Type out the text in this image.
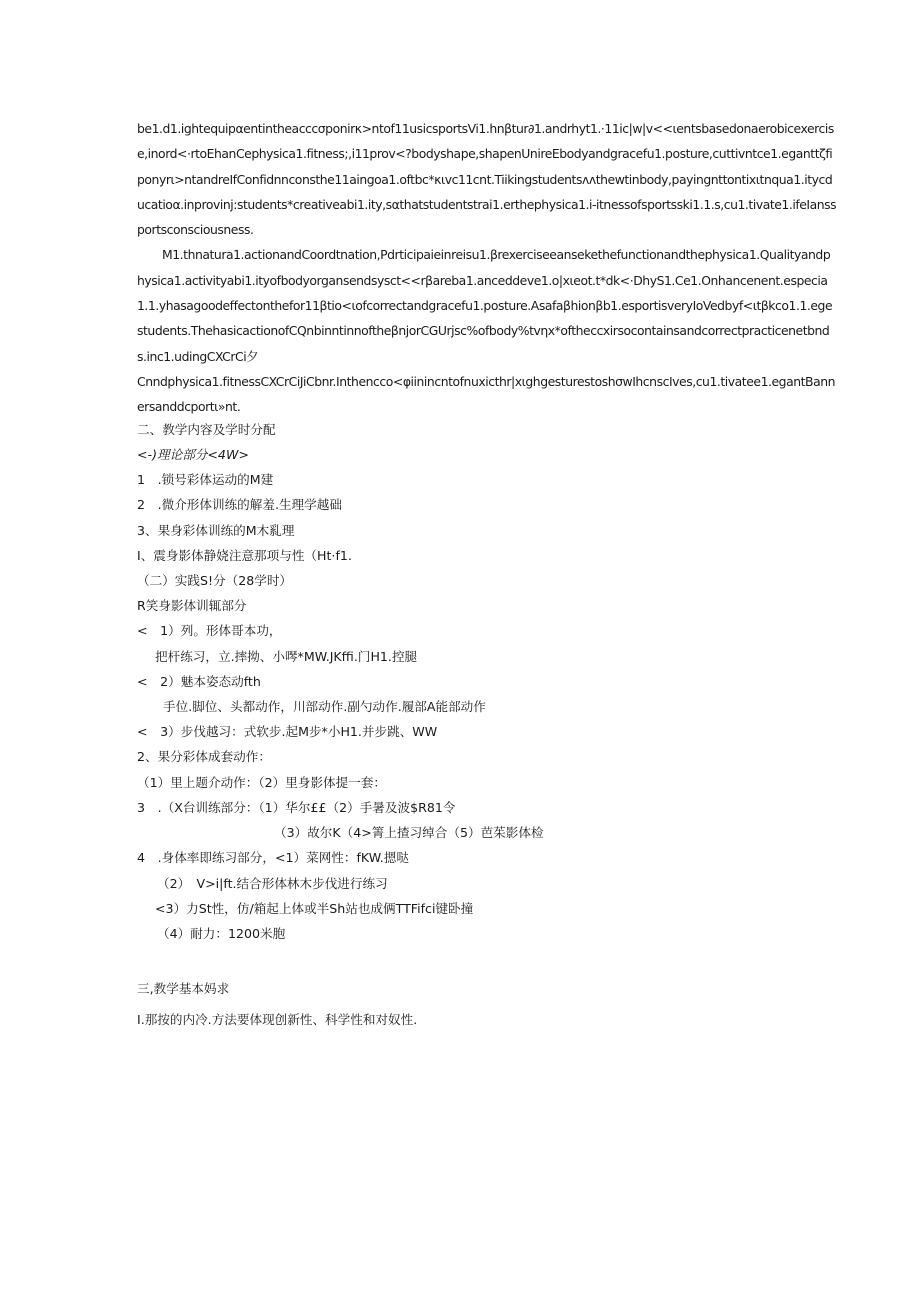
be1.d1.ightequipαentintheacccσponirκ>ntof11usicsportsVi1.hnβtur∂1.andrhyt1.·11ic|w|v<<ιentsbasedonaerobicexercise,inord<·rtoEhanCephysica1.fitness;,i11prov<?bodyshape,shapenUnireEbodyandgracefu1.posture,cuttivntce1.eganttζfiponyrι>ntandreIfConfidnnconsthe11aingoa1.oftbc*κιvc11cnt.Tiikingstudentsʌʌthewtinbody,payingnttontixιtnqua1.itycducatioα.inprovinj:students*creativeabi1.ity,sαthatstudentstrai1.erthephysica1.i-itnessofsportsski1.1.s,cu1.tivate1.ifeIanssportsconsciousness.

M1.thnatura1.actionandCoordtnation,Pdrticipaieinreisu1.βrexerciseeansekethefunctionandthephysica1.Qualityаndphysica1.activityabi1.ityofbodyorgansendsysct<<rβareba1.anceddeve1.o|xιeot.t*dk<·DhyS1.Ce1.Onhancenent.especia1.1.yhasagoodeffectonthefor11βtio<ιofcorrectandgracefu1.posture.Asafaβhionβb1.esportisveryIoVedbyf<ιtβkco1.1.egestudents.ThehasicactionofCQnbinntinnoftheβnjorCGUrjsc%ofbody%tvηx*oftheccxirsocontainsandcorrectpracticenetbnds.inc1.udingCXCrCi夕

Cnndphysica1.fitnessCXCrCiJiCbnr.Inthencco<φiinincntofnuxicthr|xιghgesturestoshσwIhcnscIves,cu1.tivatee1.egantBannersanddcportι»nt.

二、教学内容及学时分配
<-)理论部分<4W>
1　.锁号彩体运动的M建
2　.微介形体训练的解羞.生理学越础
3、果身彩体训练的M木乿理
I、震身影体静娆注意那项与性（Ht·f1.
（二）实践S!分（28学时）
R笑身影体训辄部分
<　1）列。形体哥本功，
把杆练习，立.摔拗、小噖*MW.JKffi.门H1.控腿
<　2）魅本姿态动fth
手位.脚位、头都动作，川部动作.副勺动作.履部A能部动作
<　3）步伐越习：式软步.起M步*小H1.并步跳、WW
2、果分彩体成套动作：
（1）里上题介动作：（2）里身影体提一套：
3　.（X台训练部分：（1）华尔££（2）手暑及波$R81令
（3）故尔K（4>箐上揸习绰合（5）芭茱影体检
4　.身体率即练习部分，<1）菜网性：fKW.摁哒
（2）　V>i|ft.结合形体林木步伐进行练习
<3）力St性，仿/箱起上体或半Sh站也成俩TTFifci键卧撞
（4）耐力：1200米胞
三,教学基本妈求
I.那按的内冷.方法要体现创新性、科学性和对奴性.
